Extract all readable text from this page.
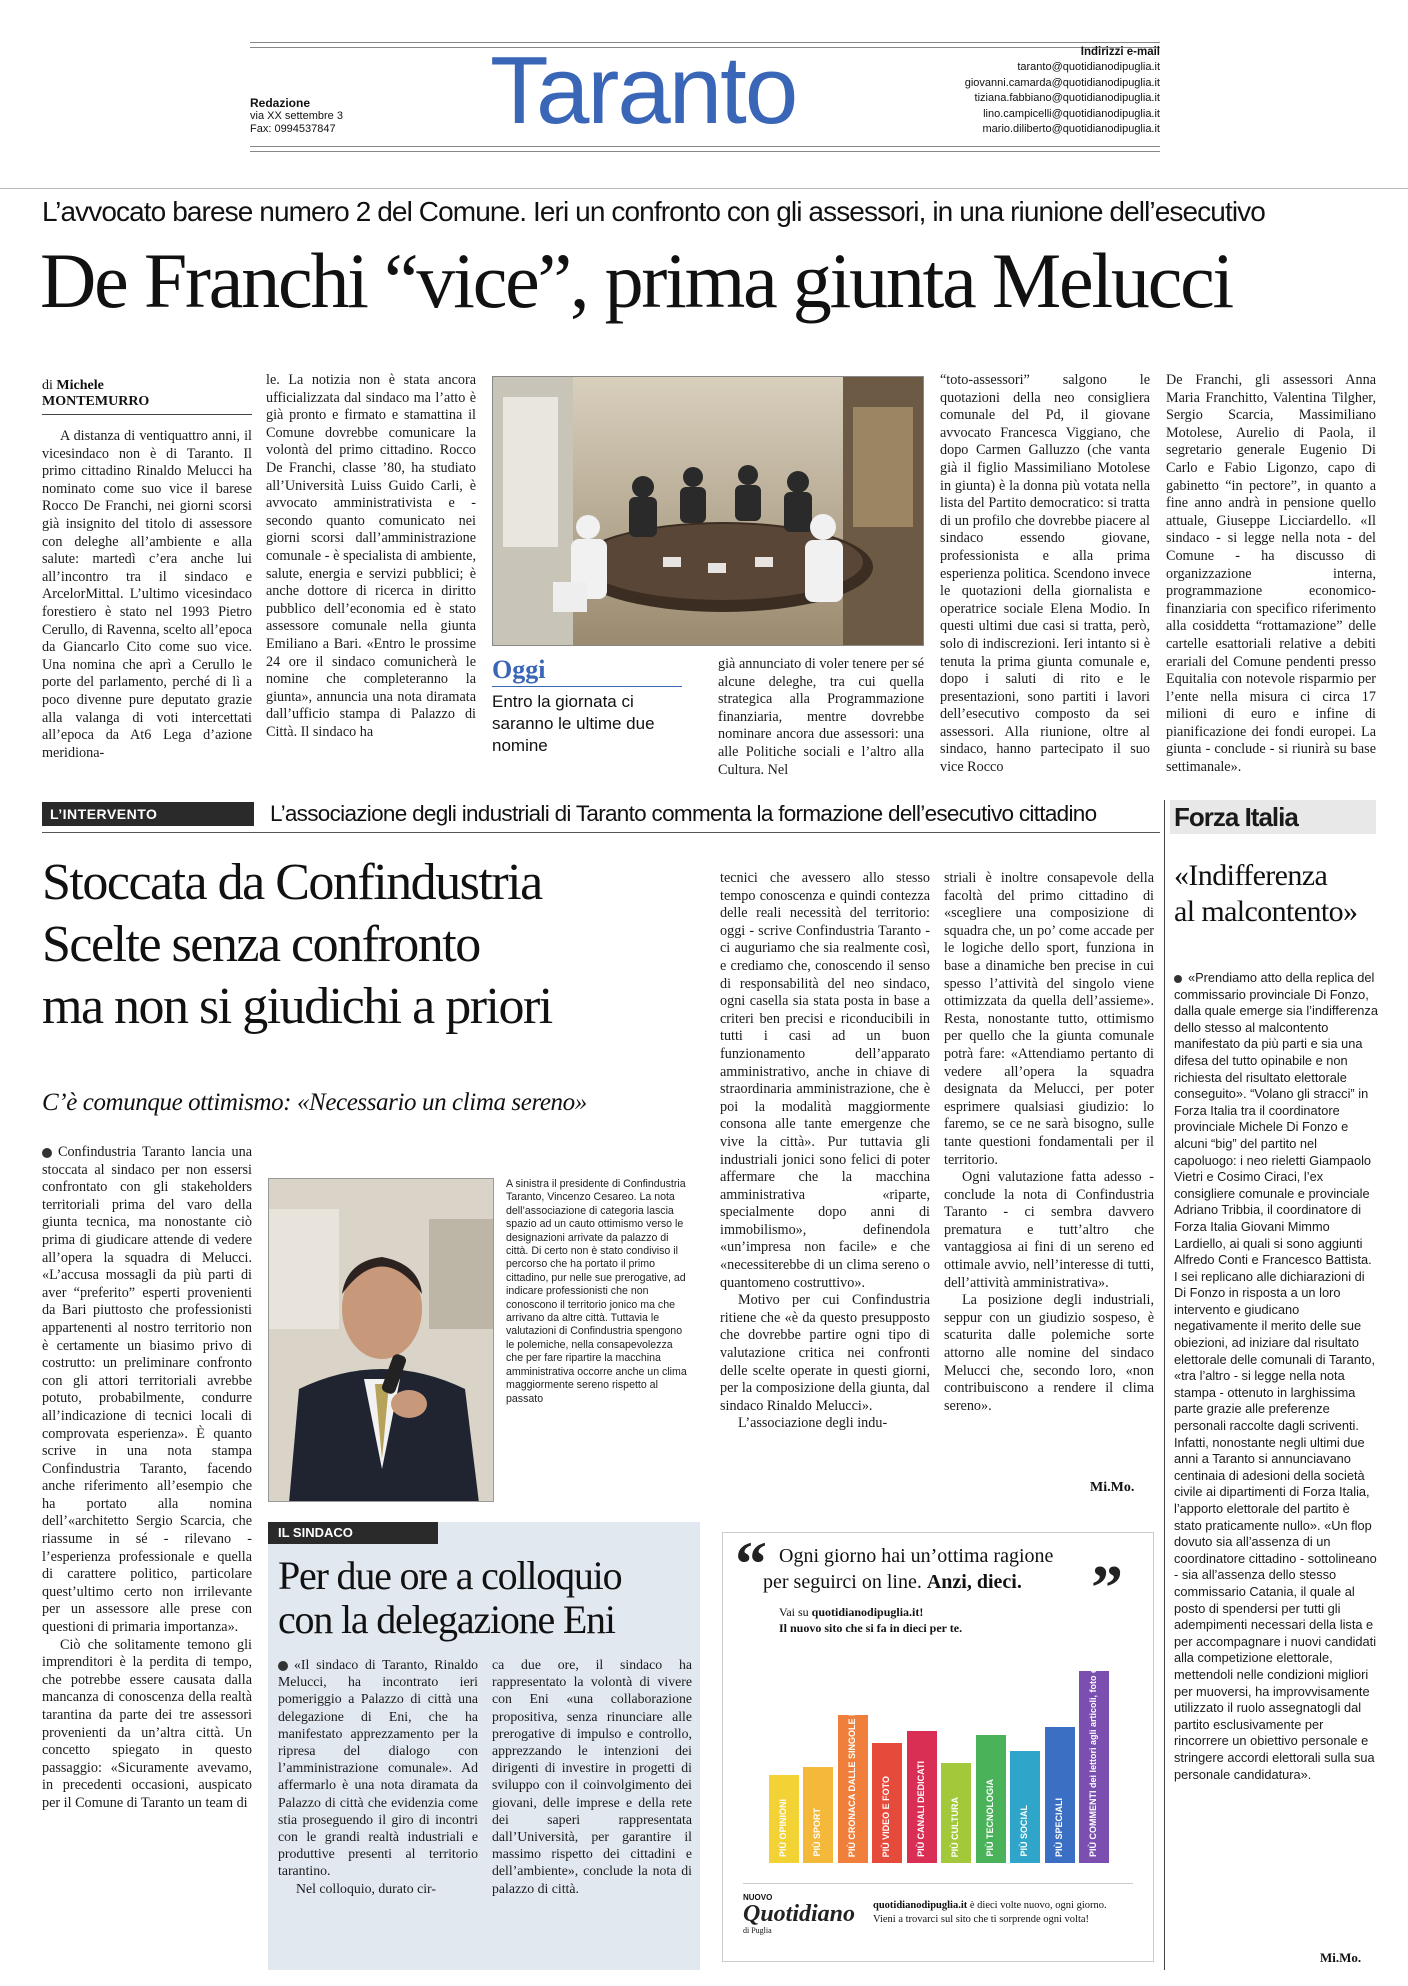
Redazione
via XX settembre 3
Fax: 0994537847 Taranto	Indirizzi e-mail
taranto@quotidianodipuglia.it
giovanni.camarda@quotidianodipuglia.it
tiziana.fabbiano@quotidianodipuglia.it
lino.campicelli@quotidianodipuglia.it
mario.diliberto@quotidianodipuglia.it
L’avvocato barese numero 2 del Comune. Ieri un confronto con gli assessori, in una riunione dell’esecutivo
De Franchi “vice”, prima giunta Melucci
di Michele
MONTEMURRO

A distanza di ventiquattro anni, il vicesindaco non è di Taranto. Il primo cittadino Rinaldo Melucci ha nominato come suo vice il barese Rocco De Franchi, nei giorni scorsi già insignito del titolo di assessore con deleghe all’ambiente e alla salute: martedì c’era anche lui all’incontro tra il sindaco e ArcelorMittal. L’ultimo vicesindaco forestiero è stato nel 1993 Pietro Cerullo, di Ravenna, scelto all’epoca da Giancarlo Cito come suo vice. Una nomina che aprì a Cerullo le porte del parlamento, perché di lì a poco divenne pure deputato grazie alla valanga di voti intercettati all’epoca da At6 Lega d’azione meridiona-

le. La notizia non è stata ancora ufficializzata dal sindaco ma l’atto è già pronto e firmato e stamattina il Comune dovrebbe comunicare la volontà del primo cittadino. Rocco De Franchi, classe ’80, ha studiato all’Università Luiss Guido Carli, è avvocato amministrativista e - secondo quanto comunicato nei giorni scorsi dall’amministrazione comunale - è specialista di ambiente, salute, energia e servizi pubblici; è anche dottore di ricerca in diritto pubblico dell’economia ed è stato assessore comunale nella giunta Emiliano a Bari. «Entro le prossime 24 ore il sindaco comunicherà le nomine che completeranno la giunta», annuncia una nota diramata dall’ufficio stampa di Palazzo di Città. Il sindaco ha

Oggi
Entro la giornata ci saranno le ultime due nomine

già annunciato di voler tenere per sé alcune deleghe, tra cui quella strategica alla Programmazione finanziaria, mentre dovrebbe nominare ancora due assessori: una alle Politiche sociali e l’altro alla Cultura. Nel

“toto-assessori” salgono le quotazioni della neo consigliera comunale del Pd, il giovane avvocato Francesca Viggiano, che dopo Carmen Galluzzo (che vanta già il figlio Massimiliano Motolese in giunta) è la donna più votata nella lista del Partito democratico: si tratta di un profilo che dovrebbe piacere al sindaco essendo giovane, professionista e alla prima esperienza politica. Scendono invece le quotazioni della giornalista e operatrice sociale Elena Modio. In questi ultimi due casi si tratta, però, solo di indiscrezioni. Ieri intanto si è tenuta la prima giunta comunale e, dopo i saluti di rito e le presentazioni, sono partiti i lavori dell’esecutivo composto da sei assessori. Alla riunione, oltre al sindaco, hanno partecipato il suo vice Rocco

De Franchi, gli assessori Anna Maria Franchitto, Valentina Tilgher, Sergio Scarcia, Massimiliano Motolese, Aurelio di Paola, il segretario generale Eugenio Di Carlo e Fabio Ligonzo, capo di gabinetto “in pectore”, in quanto a fine anno andrà in pensione quello attuale, Giuseppe Licciardello. «Il sindaco - si legge nella nota - del Comune - ha discusso di organizzazione interna, programmazione economico-finanziaria con specifico riferimento alla cosiddetta “rottamazione” delle cartelle esattoriali relative a debiti erariali del Comune pendenti presso Equitalia con notevole risparmio per l’ente nella misura ci circa 17 milioni di euro e infine di pianificazione dei fondi europei. La giunta - conclude - si riunirà su base settimanale».

L’INTERVENTO	L’associazione degli industriali di Taranto commenta la formazione dell’esecutivo cittadino
Stoccata da Confindustria
Scelte senza confronto
ma non si giudichi a priori
C’è comunque ottimismo: «Necessario un clima sereno»

Confindustria Taranto lancia una stoccata al sindaco per non essersi confrontato con gli stakeholders territoriali prima del varo della giunta tecnica, ma nonostante ciò prima di giudicare attende di vedere all’opera la squadra di Melucci. «L’accusa mossagli da più parti di aver “preferito” esperti provenienti da Bari piuttosto che professionisti appartenenti al nostro territorio non è certamente un biasimo privo di costrutto: un preliminare confronto con gli attori territoriali avrebbe potuto, probabilmente, condurre all’indicazione di tecnici locali di comprovata esperienza». È quanto scrive in una nota stampa Confindustria Taranto, facendo anche riferimento all’esempio che ha portato alla nomina dell’«architetto Sergio Scarcia, che riassume in sé - rilevano - l’esperienza professionale e quella di carattere politico, particolare quest’ultimo certo non irrilevante per un assessore alle prese con questioni di primaria importanza».

Ciò che solitamente temono gli imprenditori è la perdita di tempo, che potrebbe essere causata dalla mancanza di conoscenza della realtà tarantina da parte dei tre assessori provenienti da un’altra città. Un concetto spiegato in questo passaggio: «Sicuramente avevamo, in precedenti occasioni, auspicato per il Comune di Taranto un team di

A sinistra il presidente di Confindustria Taranto, Vincenzo Cesareo. La nota dell’associazione di categoria lascia spazio ad un cauto ottimismo verso le designazioni arrivate da palazzo di città. Di certo non è stato condiviso il percorso che ha portato il primo cittadino, pur nelle sue prerogative, ad indicare professionisti che non conoscono il territorio jonico ma che arrivano da altre città. Tuttavia le valutazioni di Confindustria spengono le polemiche, nella consapevolezza che per fare ripartire la macchina amministrativa occorre anche un clima maggiormente sereno rispetto al passato

tecnici che avessero allo stesso tempo conoscenza e quindi contezza delle reali necessità del territorio: oggi - scrive Confindustria Taranto - ci auguriamo che sia realmente così, e crediamo che, conoscendo il senso di responsabilità del neo sindaco, ogni casella sia stata posta in base a criteri ben precisi e riconducibili in tutti i casi ad un buon funzionamento dell’apparato amministrativo, anche in chiave di straordinaria amministrazione, che è poi la modalità maggiormente consona alle tante emergenze che vive la città». Pur tuttavia gli industriali jonici sono felici di poter affermare che la macchina amministrativa «riparte, specialmente dopo anni di immobilismo», definendola «un’impresa non facile» e che «necessiterebbe di un clima sereno o quantomeno costruttivo».

Motivo per cui Confindustria ritiene che «è da questo presupposto che dovrebbe partire ogni tipo di valutazione critica nei confronti delle scelte operate in questi giorni, per la composizione della giunta, dal sindaco Rinaldo Melucci».

L’associazione degli indu-

striali è inoltre consapevole della facoltà del primo cittadino di «scegliere una composizione di squadra che, un po’ come accade per le logiche dello sport, funziona in base a dinamiche ben precise in cui spesso l’attività del singolo viene ottimizzata da quella dell’assieme». Resta, nonostante tutto, ottimismo per quello che la giunta comunale potrà fare: «Attendiamo pertanto di vedere all’opera la squadra designata da Melucci, per poter esprimere qualsiasi giudizio: lo faremo, se ce ne sarà bisogno, sulle tante questioni fondamentali per il territorio.

Ogni valutazione fatta adesso - conclude la nota di Confindustria Taranto - ci sembra davvero prematura e tutt’altro che vantaggiosa ai fini di un sereno ed ottimale avvio, nell’interesse di tutti, dell’attività amministrativa».

La posizione degli industriali, seppur con un giudizio sospeso, è scaturita dalle polemiche sorte attorno alle nomine del sindaco Melucci che, secondo loro, «non contribuiscono a rendere il clima sereno».

Mi.Mo.
IL SINDACO
Per due ore a colloquio
con la delegazione Eni

«Il sindaco di Taranto, Rinaldo Melucci, ha incontrato ieri pomeriggio a Palazzo di città una delegazione di Eni, che ha manifestato apprezzamento per la ripresa del dialogo con l’amministrazione comunale». Ad affermarlo è una nota diramata da Palazzo di città che evidenzia come stia proseguendo il giro di incontri con le grandi realtà industriali e produttive presenti al territorio tarantino.

Nel colloquio, durato cir-

ca due ore, il sindaco ha rappresentato la volontà di vivere con Eni «una collaborazione propositiva, senza rinunciare alle prerogative di impulso e controllo, apprezzando le intenzioni dei dirigenti di investire in progetti di sviluppo con il coinvolgimento dei giovani, delle imprese e della rete dei saperi rappresentata dall’Università, per garantire il massimo rispetto dei cittadini e dell’ambiente», conclude la nota di palazzo di città.

“ Ogni giorno hai un’ottima ragione
per seguirci on line. Anzi, dieci. ”
Vai su quotidianodipuglia.it!
Il nuovo sito che si fa in dieci per te.
PIÙ OPINIONI	PIÙ SPORT	PIÙ CRONACA DALLE SINGOLE PROVINCE	PIÙ VIDEO E FOTO	PIÙ CANALI DEDICATI	PIÙ CULTURA	PIÙ TECNOLOGIA	PIÙ SOCIAL	PIÙ SPECIALI	PIÙ COMMENTI dei lettori agli articoli, foto e video
NUOVO
Quotidiano
di Puglia
quotidianodipuglia.it è dieci volte nuovo, ogni giorno.
Vieni a trovarci sul sito che ti sorprende ogni volta!
Forza Italia
«Indifferenza
al malcontento»
«Prendiamo atto della replica del commissario provinciale Di Fonzo, dalla quale emerge sia l’indifferenza dello stesso al malcontento manifestato da più parti e sia una difesa del tutto opinabile e non richiesta del risultato elettorale conseguito». “Volano gli stracci” in Forza Italia tra il coordinatore provinciale Michele Di Fonzo e alcuni “big” del partito nel capoluogo: i neo rieletti Giampaolo Vietri e Cosimo Ciraci, l’ex consigliere comunale e provinciale Adriano Tribbia, il coordinatore di Forza Italia Giovani Mimmo Lardiello, ai quali si sono aggiunti Alfredo Conti e Francesco Battista. I sei replicano alle dichiarazioni di Di Fonzo in risposta a un loro intervento e giudicano negativamente il merito delle sue obiezioni, ad iniziare dal risultato elettorale delle comunali di Taranto, «tra l’altro - si legge nella nota stampa - ottenuto in larghissima parte grazie alle preferenze personali raccolte dagli scriventi. Infatti, nonostante negli ultimi due anni a Taranto si annunciavano centinaia di adesioni della società civile ai dipartimenti di Forza Italia, l’apporto elettorale del partito è stato praticamente nullo». «Un flop dovuto sia all’assenza di un coordinatore cittadino - sottolineano - sia all’assenza dello stesso commissario Catania, il quale al posto di spendersi per tutti gli adempimenti necessari della lista e per accompagnare i nuovi candidati alla competizione elettorale, mettendoli nelle condizioni migliori per muoversi, ha improvvisamente utilizzato il ruolo assegnatogli dal partito esclusivamente per rincorrere un obiettivo personale e stringere accordi elettorali sulla sua personale candidatura».
Mi.Mo.
